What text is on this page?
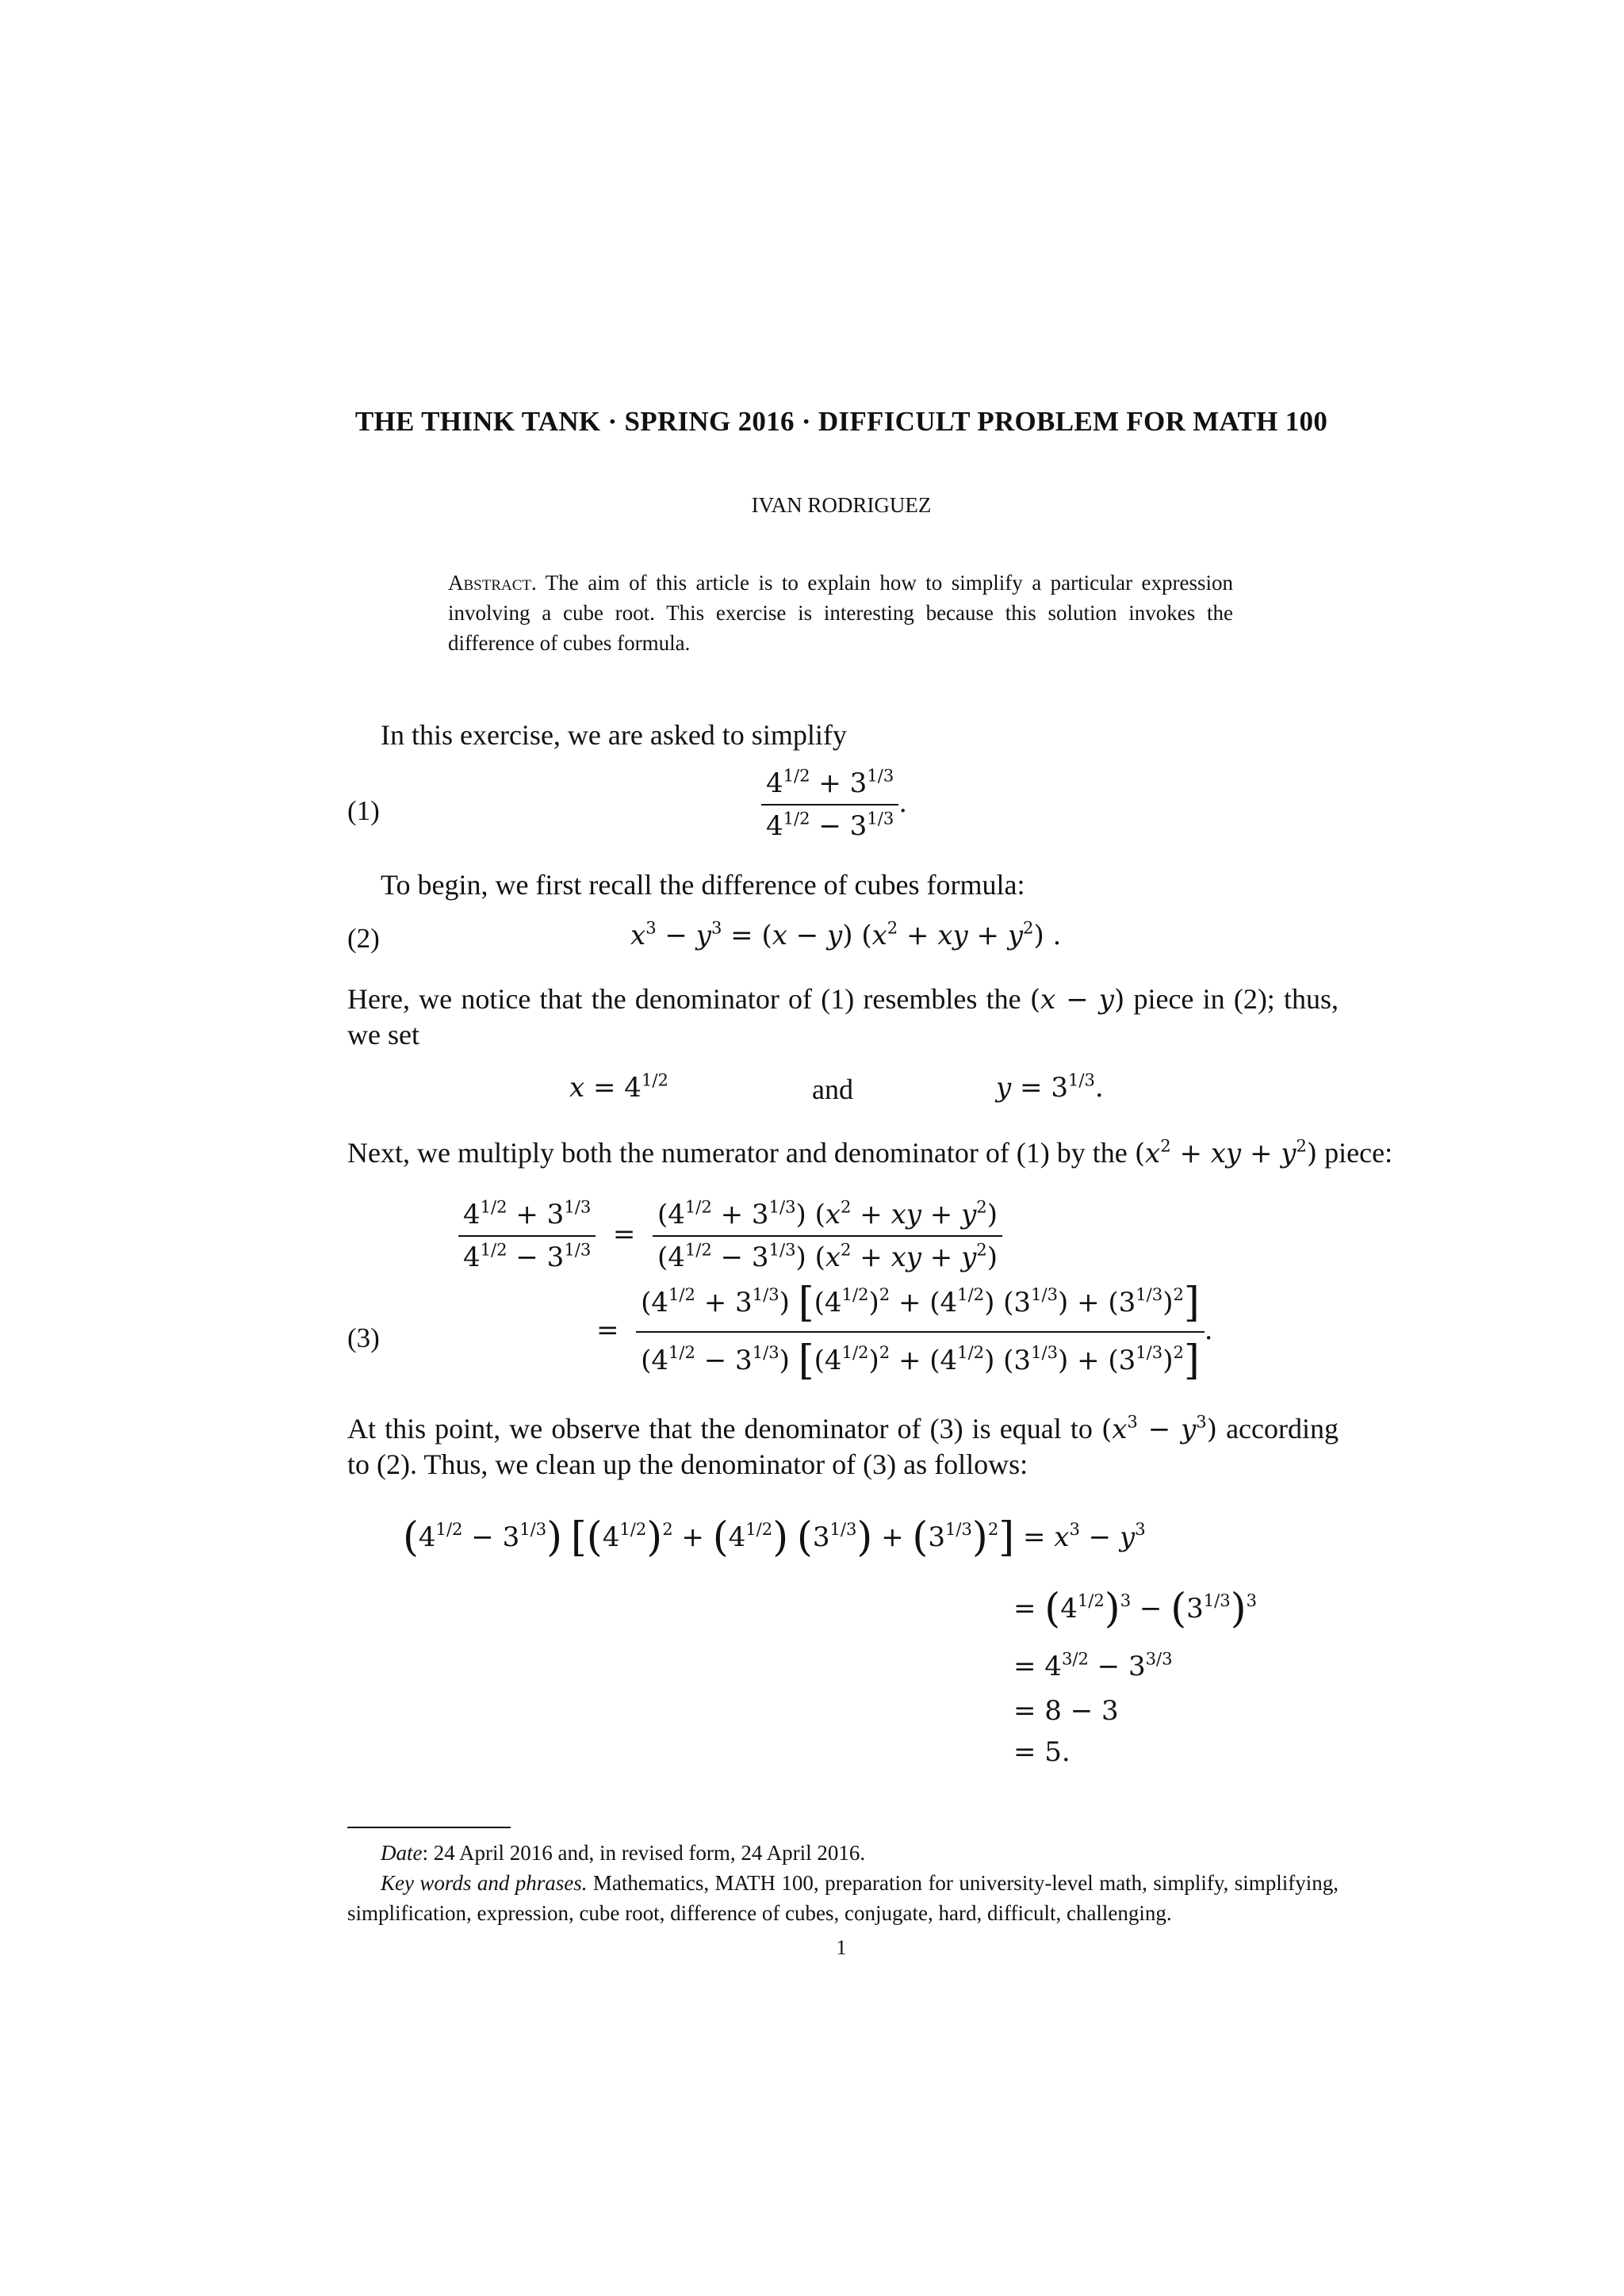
THE THINK TANK · SPRING 2016 · DIFFICULT PROBLEM FOR MATH 100
IVAN RODRIGUEZ
Abstract. The aim of this article is to explain how to simplify a particular expression involving a cube root. This exercise is interesting because this solution invokes the difference of cubes formula.
In this exercise, we are asked to simplify
(1)	$\frac{4^{1/2} + 3^{1/3}}{4^{1/2} - 3^{1/3}}$ .
To begin, we first recall the difference of cubes formula:
(2)	$x^3 - y^3 = (x - y) (x^2$ + xy + $y^2$) .
Here, we notice that the denominator of (1) resembles the (x − y) piece in (2); thus, we set
$x = 4^{1/2}$	and	$y = 3^{1/3}$.
Next, we multiply both the numerator and denominator of (1) by the ($x^2$ + xy + $y^2$) piece:
$\frac{4^{1/2} + 3^{1/3}}{4^{1/2} - 3^{1/3}} = \frac{(4^{1/2} + 3^{1/3}) (x^2 + xy + y^2)}{(4^{1/2} - 3^{1/3}) (x^2 + xy + y^2)}$
(3)	= $\frac{(4^{1/2} + 3^{1/3}) [(4^{1/2})^2 + (4^{1/2}) (3^{1/3}) + (3^{1/3})^2]}{(4^{1/2} - 3^{1/3}) [(4^{1/2})^2 + (4^{1/2}) (3^{1/3}) + (3^{1/3})^2]}$ .
At this point, we observe that the denominator of (3) is equal to $(x^3 - y^3)$ according to (2). Thus, we clean up the denominator of (3) as follows:
$(4^{1/2} - 3^{1/3}) [(4^{1/2})^2 + (4^{1/2}) (3^{1/3}) + (3^{1/3})^2] = x^3 - y^3$
= $(4^{1/2})^3 - (3^{1/3})^3$
= $4^{3/2} - 3^{3/3}$
= 8 − 3
= 5.
Date: 24 April 2016 and, in revised form, 24 April 2016.
Key words and phrases. Mathematics, MATH 100, preparation for university-level math, simplify, simplifying, simplification, expression, cube root, difference of cubes, conjugate, hard, difficult, challenging.
1
